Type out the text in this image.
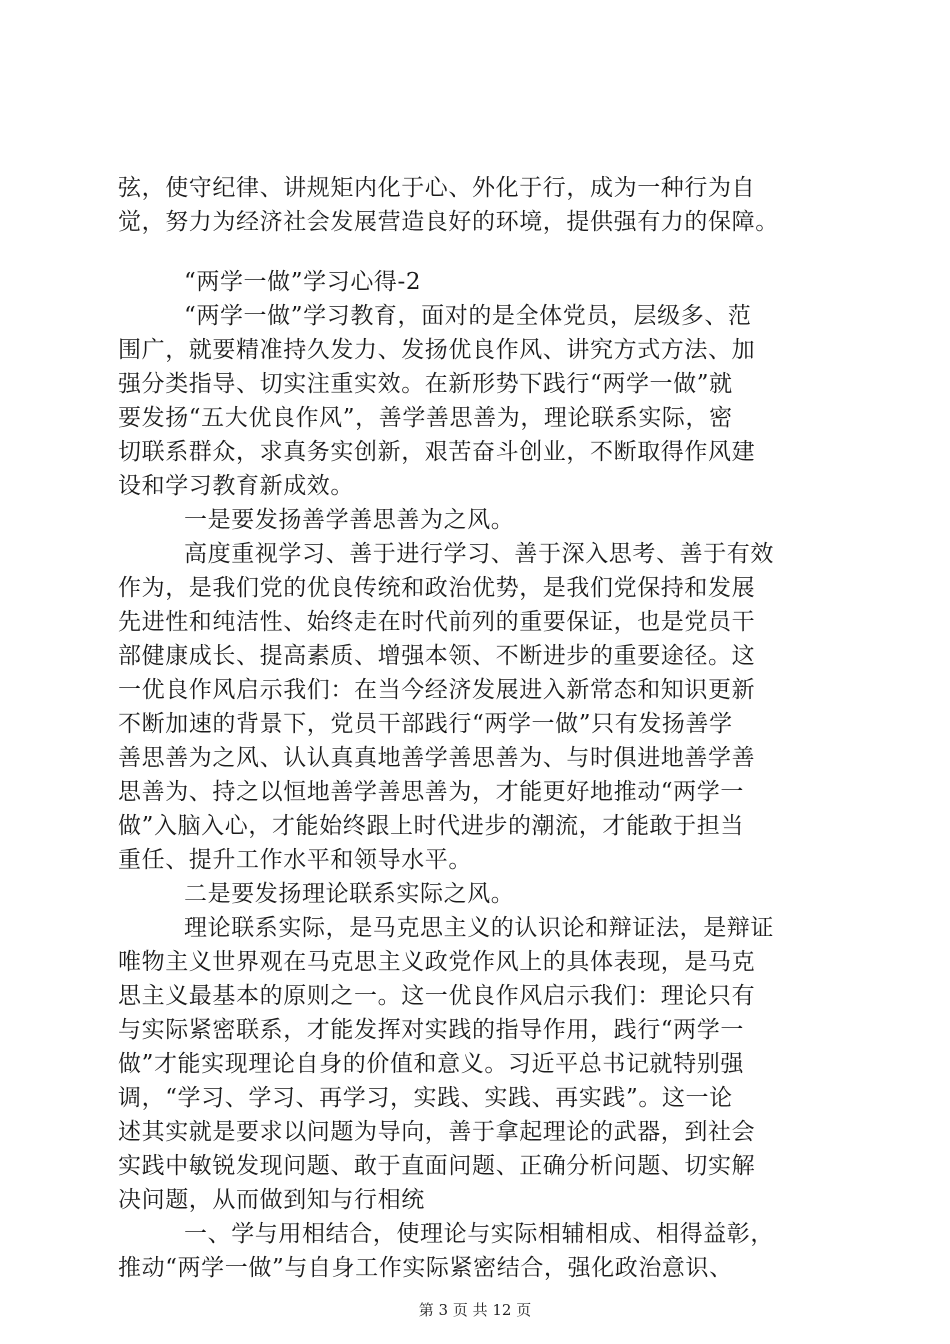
弦，使守纪律、讲规矩内化于心、外化于行，成为一种行为自
觉，努力为经济社会发展营造良好的环境，提供强有力的保障。
“两学一做”学习心得-2
“两学一做”学习教育，面对的是全体党员，层级多、范
围广，就要精准持久发力、发扬优良作风、讲究方式方法、加
强分类指导、切实注重实效。在新形势下践行“两学一做”就
要发扬“五大优良作风”，善学善思善为，理论联系实际，密
切联系群众，求真务实创新，艰苦奋斗创业，不断取得作风建
设和学习教育新成效。
一是要发扬善学善思善为之风。
高度重视学习、善于进行学习、善于深入思考、善于有效
作为，是我们党的优良传统和政治优势，是我们党保持和发展
先进性和纯洁性、始终走在时代前列的重要保证，也是党员干
部健康成长、提高素质、增强本领、不断进步的重要途径。这
一优良作风启示我们：在当今经济发展进入新常态和知识更新
不断加速的背景下，党员干部践行“两学一做”只有发扬善学
善思善为之风、认认真真地善学善思善为、与时俱进地善学善
思善为、持之以恒地善学善思善为，才能更好地推动“两学一
做”入脑入心，才能始终跟上时代进步的潮流，才能敢于担当
重任、提升工作水平和领导水平。
二是要发扬理论联系实际之风。
理论联系实际，是马克思主义的认识论和辩证法，是辩证
唯物主义世界观在马克思主义政党作风上的具体表现，是马克
思主义最基本的原则之一。这一优良作风启示我们：理论只有
与实际紧密联系，才能发挥对实践的指导作用，践行“两学一
做”才能实现理论自身的价值和意义。习近平总书记就特别强
调，“学习、学习、再学习，实践、实践、再实践”。这一论
述其实就是要求以问题为导向，善于拿起理论的武器，到社会
实践中敏锐发现问题、敢于直面问题、正确分析问题、切实解
决问题，从而做到知与行相统
一、学与用相结合，使理论与实际相辅相成、相得益彰，
推动“两学一做”与自身工作实际紧密结合，强化政治意识、
第 3 页 共 12 页
